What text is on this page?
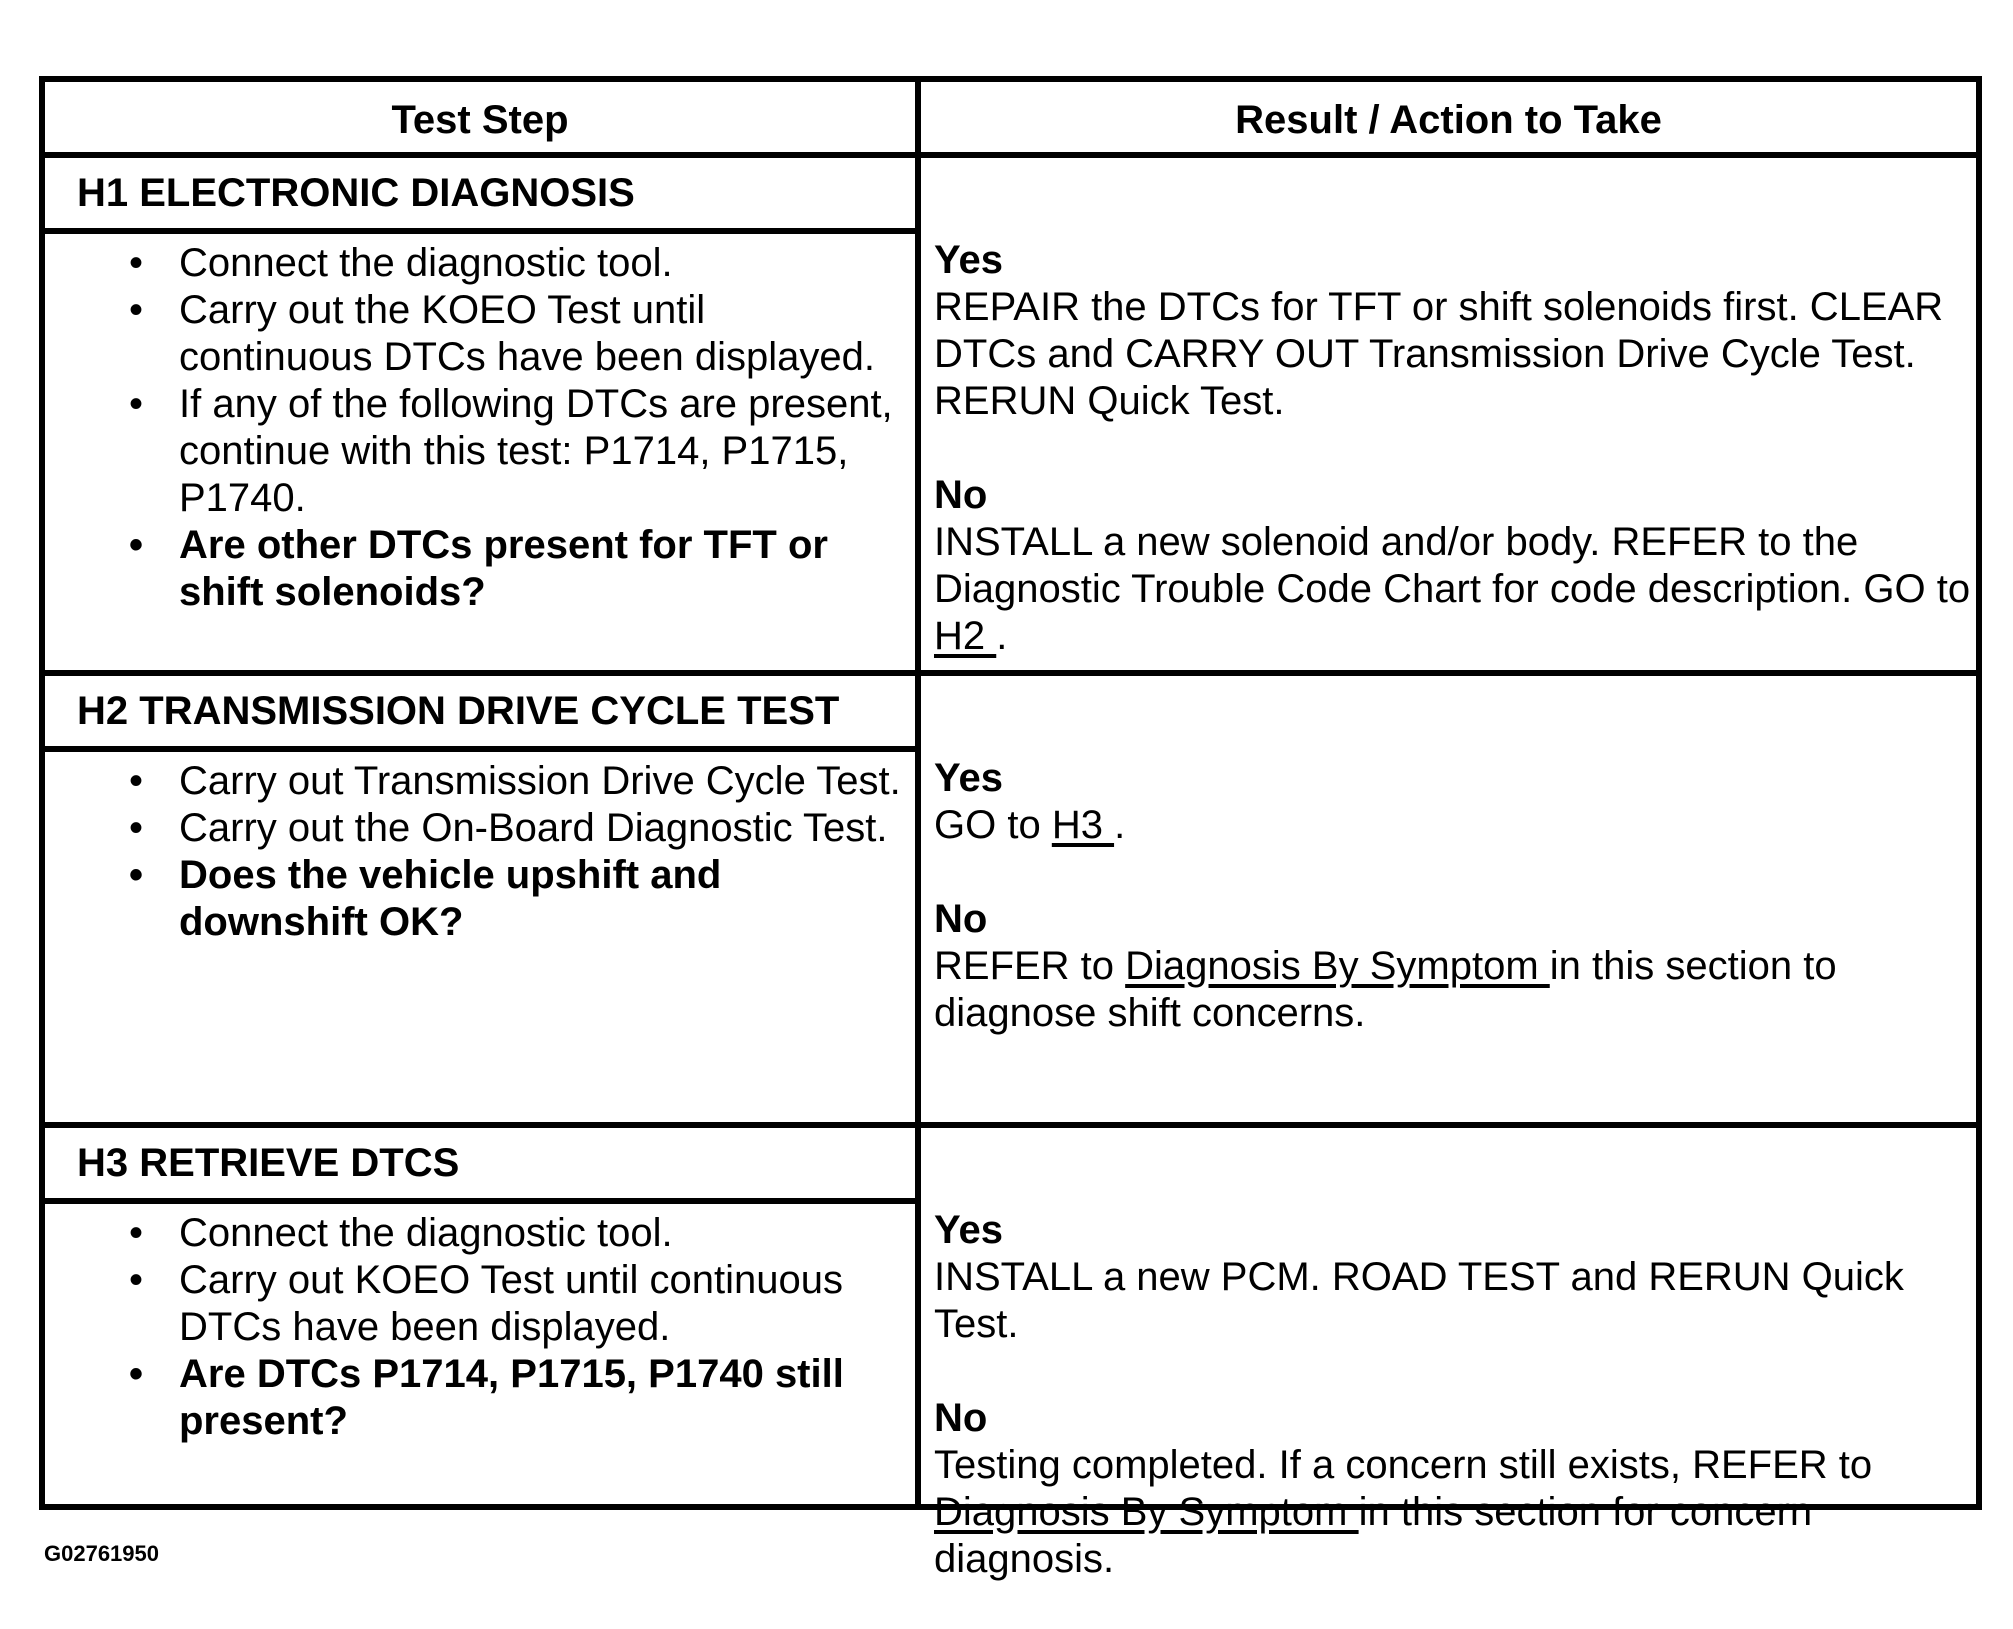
Test Step	Result / Action to Take
H1 ELECTRONIC DIAGNOSIS
• Connect the diagnostic tool.
• Carry out the KOEO Test until continuous DTCs have been displayed.
• If any of the following DTCs are present, continue with this test: P1714, P1715, P1740.
• Are other DTCs present for TFT or shift solenoids?
Yes
REPAIR the DTCs for TFT or shift solenoids first. CLEAR DTCs and CARRY OUT Transmission Drive Cycle Test. RERUN Quick Test.
No
INSTALL a new solenoid and/or body. REFER to the Diagnostic Trouble Code Chart for code description. GO to H2 .
H2 TRANSMISSION DRIVE CYCLE TEST
• Carry out Transmission Drive Cycle Test.
• Carry out the On-Board Diagnostic Test.
• Does the vehicle upshift and downshift OK?
Yes
GO to H3 .
No
REFER to Diagnosis By Symptom in this section to diagnose shift concerns.
H3 RETRIEVE DTCS
• Connect the diagnostic tool.
• Carry out KOEO Test until continuous DTCs have been displayed.
• Are DTCs P1714, P1715, P1740 still present?
Yes
INSTALL a new PCM. ROAD TEST and RERUN Quick Test.
No
Testing completed. If a concern still exists, REFER to Diagnosis By Symptom in this section for concern diagnosis.
G02761950
